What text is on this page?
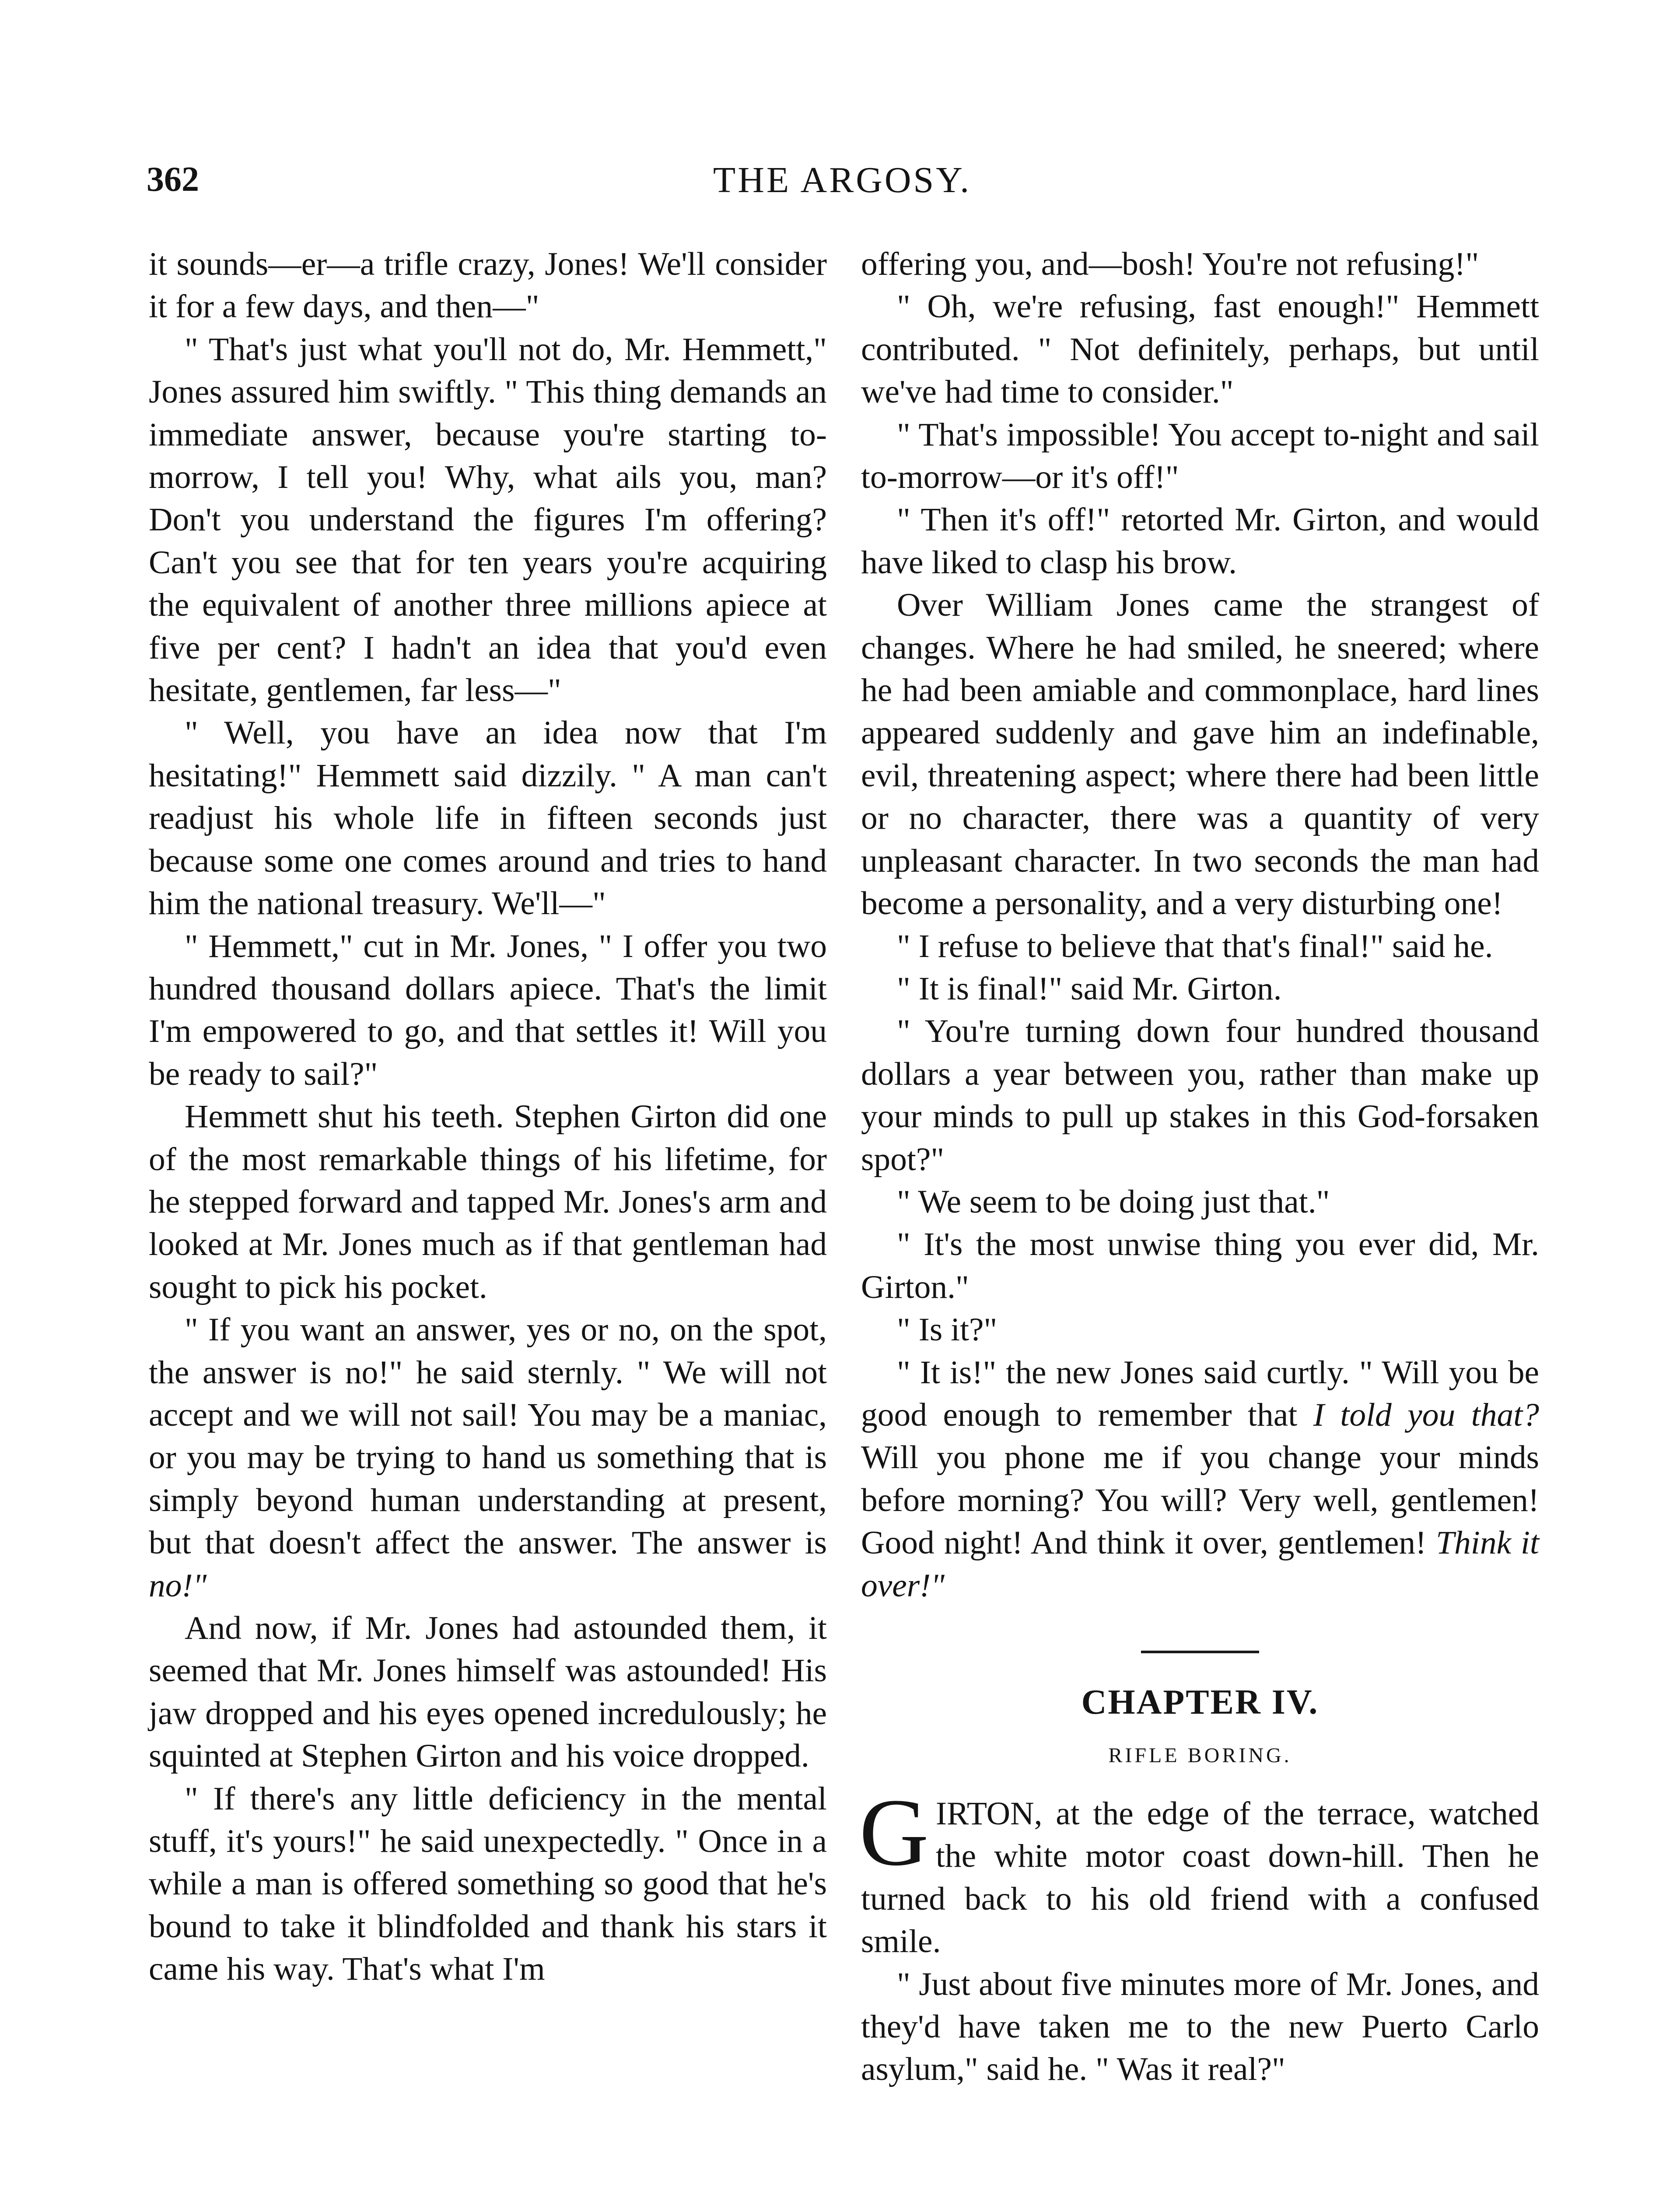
362	THE ARGOSY.

it sounds—er—a trifle crazy, Jones! We'll consider it for a few days, and then—"

" That's just what you'll not do, Mr. Hemmett," Jones assured him swiftly. " This thing demands an immediate answer, because you're starting to-morrow, I tell you! Why, what ails you, man? Don't you understand the figures I'm offering? Can't you see that for ten years you're acquiring the equivalent of another three millions apiece at five per cent? I hadn't an idea that you'd even hesitate, gentlemen, far less—"

" Well, you have an idea now that I'm hesitating!" Hemmett said dizzily. " A man can't readjust his whole life in fifteen seconds just because some one comes around and tries to hand him the national treasury. We'll—"

" Hemmett," cut in Mr. Jones, " I offer you two hundred thousand dollars apiece. That's the limit I'm empowered to go, and that settles it! Will you be ready to sail?"

Hemmett shut his teeth. Stephen Girton did one of the most remarkable things of his lifetime, for he stepped forward and tapped Mr. Jones's arm and looked at Mr. Jones much as if that gentleman had sought to pick his pocket.

" If you want an answer, yes or no, on the spot, the answer is no!" he said sternly. " We will not accept and we will not sail! You may be a maniac, or you may be trying to hand us something that is simply beyond human understanding at present, but that doesn't affect the answer. The answer is no!"

And now, if Mr. Jones had astounded them, it seemed that Mr. Jones himself was astounded! His jaw dropped and his eyes opened incredulously; he squinted at Stephen Girton and his voice dropped.

" If there's any little deficiency in the mental stuff, it's yours!" he said unexpectedly. " Once in a while a man is offered something so good that he's bound to take it blindfolded and thank his stars it came his way. That's what I'm

offering you, and—bosh! You're not refusing!"

" Oh, we're refusing, fast enough!" Hemmett contributed. " Not definitely, perhaps, but until we've had time to consider."

" That's impossible! You accept to-night and sail to-morrow—or it's off!"

" Then it's off!" retorted Mr. Girton, and would have liked to clasp his brow.

Over William Jones came the strangest of changes. Where he had smiled, he sneered; where he had been amiable and commonplace, hard lines appeared suddenly and gave him an indefinable, evil, threatening aspect; where there had been little or no character, there was a quantity of very unpleasant character. In two seconds the man had become a personality, and a very disturbing one!

" I refuse to believe that that's final!" said he.

" It is final!" said Mr. Girton.

" You're turning down four hundred thousand dollars a year between you, rather than make up your minds to pull up stakes in this God-forsaken spot?"

" We seem to be doing just that."

" It's the most unwise thing you ever did, Mr. Girton."

" Is it?"

" It is!" the new Jones said curtly. " Will you be good enough to remember that I told you that? Will you phone me if you change your minds before morning? You will? Very well, gentlemen! Good night! And think it over, gentlemen! Think it over!"

CHAPTER IV.
RIFLE BORING.

GIRTON, at the edge of the terrace, watched the white motor coast down-hill. Then he turned back to his old friend with a confused smile.

" Just about five minutes more of Mr. Jones, and they'd have taken me to the new Puerto Carlo asylum," said he. " Was it real?"
